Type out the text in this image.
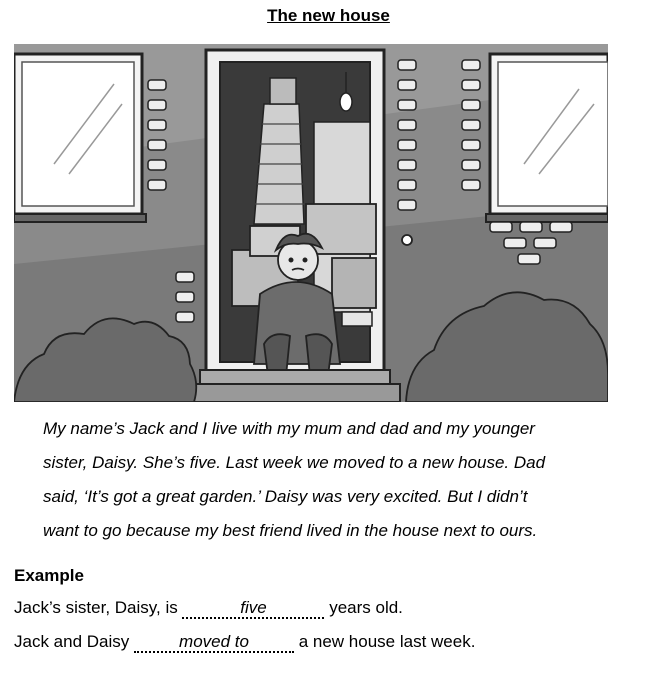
The new house

My name’s Jack and I live with my mum and dad and my younger
sister, Daisy. She’s five. Last week we moved to a new house. Dad
said, ‘It’s got a great garden.’ Daisy was very excited. But I didn’t
want to go because my best friend lived in the house next to ours.

Example
Jack’s sister, Daisy, is	five	years old.
Jack and Daisy	moved to	a new house last week.
